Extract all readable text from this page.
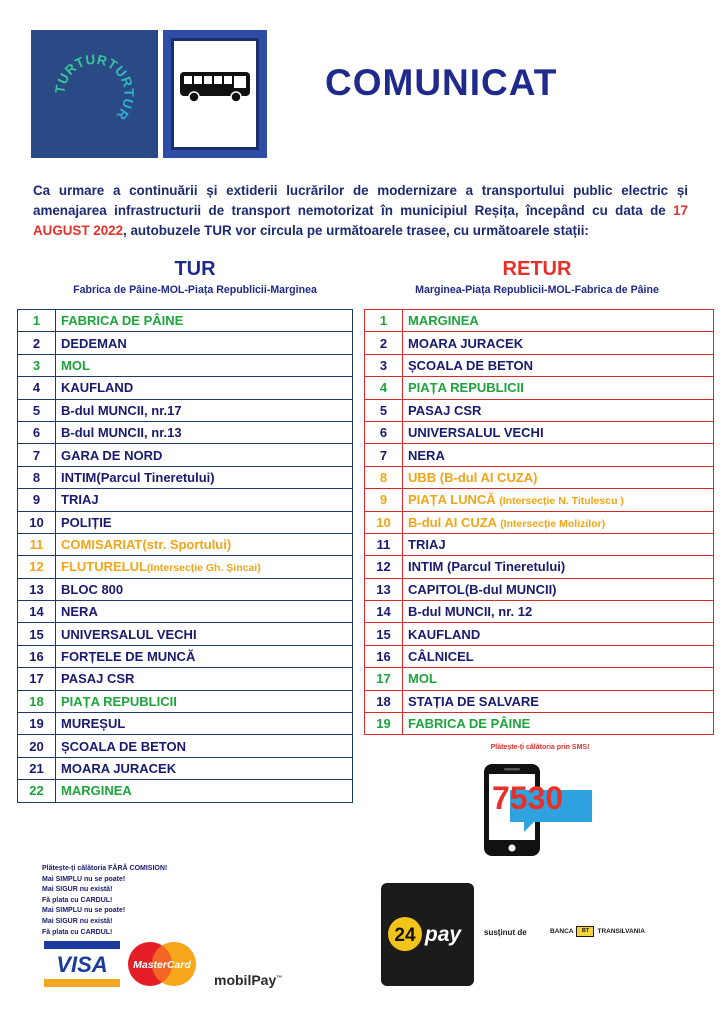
TURTURTURTUR
COMUNICAT
Ca urmare a continuării și extiderii lucrărilor de modernizare a transportului public electric și amenajarea infrastructurii de transport nemotorizat în municipiul Reșița, începând cu data de 17 AUGUST 2022, autobuzele TUR vor circula pe următoarele trasee, cu următoarele stații:
TUR
Fabrica de Pâine-MOL-Piața Republicii-Marginea
RETUR
Marginea-Piața Republicii-MOL-Fabrica de Pâine
1	FABRICA DE PÂINE
2	DEDEMAN
3	MOL
4	KAUFLAND
5	B-dul MUNCII, nr.17
6	B-dul MUNCII, nr.13
7	GARA DE NORD
8	INTIM(Parcul Tineretului)
9	TRIAJ
10	POLIȚIE
11	COMISARIAT(str. Sportului)
12	FLUTURELUL(Intersecție Gh. Șincai)
13	BLOC 800
14	NERA
15	UNIVERSALUL VECHI
16	FORȚELE DE MUNCĂ
17	PASAJ CSR
18	PIAȚA REPUBLICII
19	MUREȘUL
20	ȘCOALA DE BETON
21	MOARA JURACEK
22	MARGINEA
1	MARGINEA
2	MOARA JURACEK
3	ȘCOALA DE BETON
4	PIAȚA REPUBLICII
5	PASAJ CSR
6	UNIVERSALUL VECHI
7	NERA
8	UBB (B-dul AI CUZA)
9	PIAȚA LUNCĂ (Intersecție N. Titulescu )
10	B-dul AI CUZA (Intersecție Molizilor)
11	TRIAJ
12	INTIM (Parcul Tineretului)
13	CAPITOL(B-dul MUNCII)
14	B-dul MUNCII, nr. 12
15	KAUFLAND
16	CÂLNICEL
17	MOL
18	STAȚIA DE SALVARE
19	FABRICA DE PÂINE
Plătește-ți călătoria prin SMS!
7530
Plătește-ți călătoria FĂRĂ COMISION!
Mai SIMPLU nu se poate!
Mai SIGUR nu există!
Fă plata cu CARDUL!
Mai SIMPLU nu se poate!
Mai SIGUR nu există!
Fă plata cu CARDUL!
VISA MasterCard
mobilPay™
24 pay	susținut de	BANCA	BT	TRANSILVANIA
